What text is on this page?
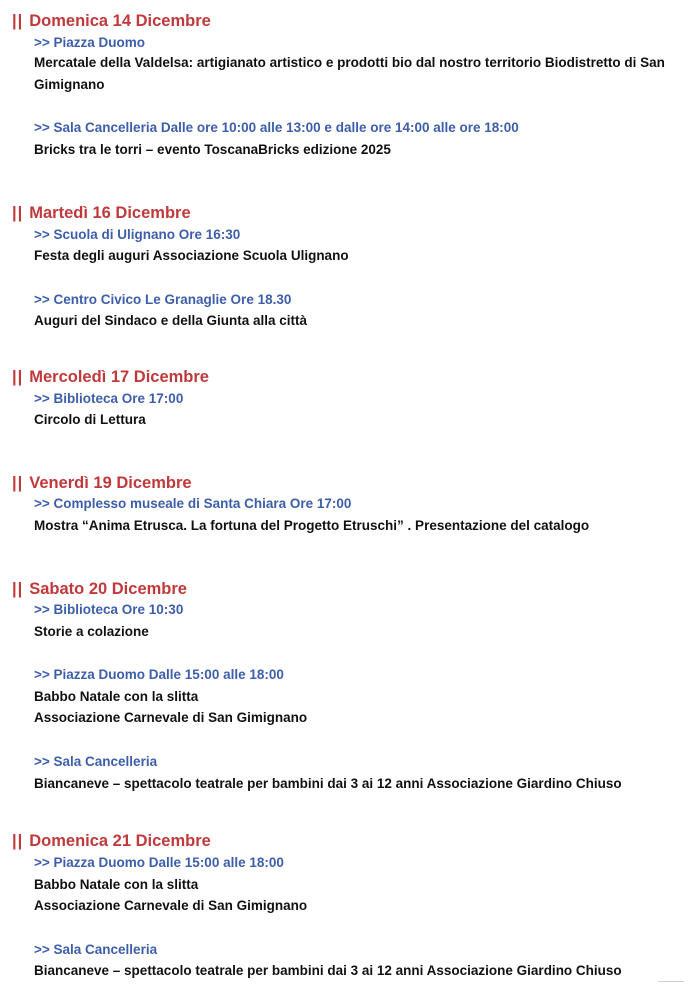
|| Domenica 14 Dicembre
>> Piazza Duomo
Mercatale della Valdelsa: artigianato artistico e prodotti bio dal nostro territorio Biodistretto di San Gimignano
>> Sala Cancelleria Dalle ore 10:00 alle 13:00 e dalle ore 14:00 alle ore 18:00
Bricks tra le torri – evento ToscanaBricks edizione 2025
|| Martedì 16 Dicembre
>> Scuola di Ulignano Ore 16:30
Festa degli auguri Associazione Scuola Ulignano
>> Centro Civico Le Granaglie Ore 18.30
Auguri del Sindaco e della Giunta alla città
|| Mercoledì 17 Dicembre
>> Biblioteca Ore 17:00
Circolo di Lettura
|| Venerdì 19 Dicembre
>> Complesso museale di Santa Chiara Ore 17:00
Mostra “Anima Etrusca. La fortuna del Progetto Etruschi” . Presentazione del catalogo
|| Sabato 20 Dicembre
>> Biblioteca Ore 10:30
Storie a colazione
>> Piazza Duomo Dalle 15:00 alle 18:00
Babbo Natale con la slitta
Associazione Carnevale di San Gimignano
>> Sala Cancelleria
Biancaneve – spettacolo teatrale per bambini dai 3 ai 12 anni Associazione Giardino Chiuso
|| Domenica 21 Dicembre
>> Piazza Duomo Dalle 15:00 alle 18:00
Babbo Natale con la slitta
Associazione Carnevale di San Gimignano
>> Sala Cancelleria
Biancaneve – spettacolo teatrale per bambini dai 3 ai 12 anni Associazione Giardino Chiuso
